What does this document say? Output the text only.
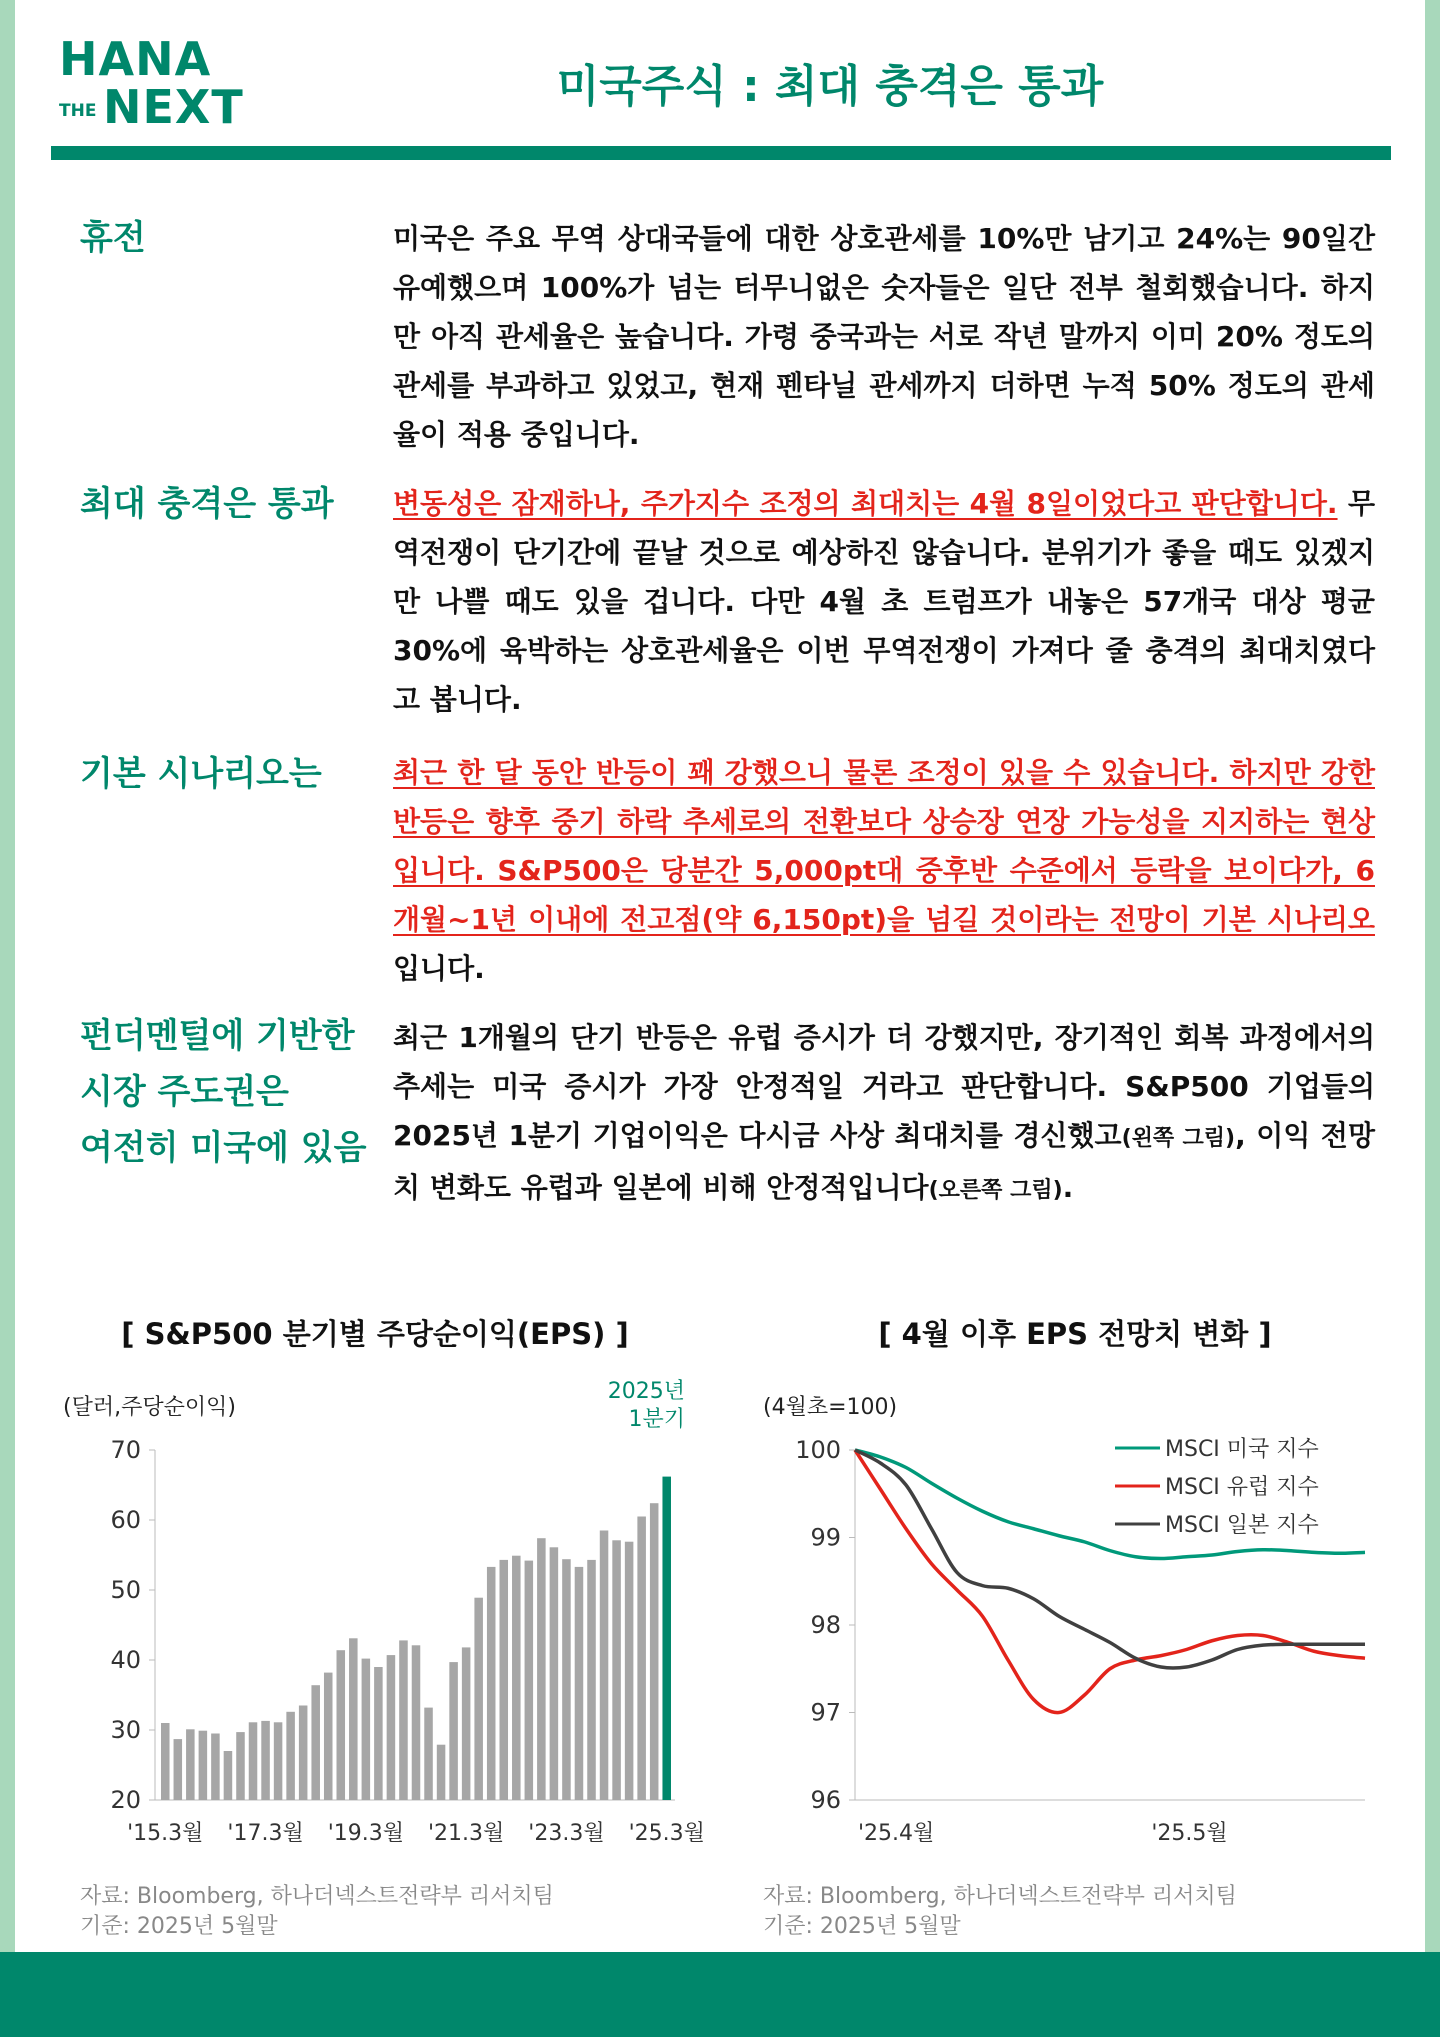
HANA
THE NEXT	미국주식 : 최대 충격은 통과
휴전	미국은 주요 무역 상대국들에 대한 상호관세를 10%만 남기고 24%는 90일간 유예했으며 100%가 넘는 터무니없은 숫자들은 일단 전부 철회했습니다. 하지만 아직 관세율은 높습니다. 가령 중국과는 서로 작년 말까지 이미 20% 정도의 관세를 부과하고 있었고, 현재 펜타닐 관세까지 더하면 누적 50% 정도의 관세율이 적용 중입니다.
최대 충격은 통과	변동성은 잠재하나, 주가지수 조정의 최대치는 4월 8일이었다고 판단합니다. 무역전쟁이 단기간에 끝날 것으로 예상하진 않습니다. 분위기가 좋을 때도 있겠지만 나쁠 때도 있을 겁니다. 다만 4월 초 트럼프가 내놓은 57개국 대상 평균 30%에 육박하는 상호관세율은 이번 무역전쟁이 가져다 줄 충격의 최대치였다고 봅니다.
기본 시나리오는	최근 한 달 동안 반등이 꽤 강했으니 물론 조정이 있을 수 있습니다. 하지만 강한 반등은 향후 중기 하락 추세로의 전환보다 상승장 연장 가능성을 지지하는 현상입니다. S&P500은 당분간 5,000pt대 중후반 수준에서 등락을 보이다가, 6개월~1년 이내에 전고점(약 6,150pt)을 넘길 것이라는 전망이 기본 시나리오입니다.
펀더멘털에 기반한
시장 주도권은
여전히 미국에 있음
최근 1개월의 단기 반등은 유럽 증시가 더 강했지만, 장기적인 회복 과정에서의 추세는 미국 증시가 가장 안정적일 거라고 판단합니다. S&P500 기업들의 2025년 1분기 기업이익은 다시금 사상 최대치를 경신했고(왼쪽 그림), 이익 전망치 변화도 유럽과 일본에 비해 안정적입니다(오른쪽 그림).
[ S&P500 분기별 주당순이익(EPS) ]
(달러,주당순이익)
2025년
1분기
20
30
40
50
60
70
'15.3월 '17.3월 '19.3월 '21.3월 '23.3월 '25.3월
자료: Bloomberg, 하나더넥스트전략부 리서치팀
기준: 2025년 5월말
[ 4월 이후 EPS 전망치 변화 ]
(4월초=100)
96
97
98
99
100
'25.4월	'25.5월
MSCI 미국 지수
MSCI 유럽 지수
MSCI 일본 지수
자료: Bloomberg, 하나더넥스트전략부 리서치팀
기준: 2025년 5월말
